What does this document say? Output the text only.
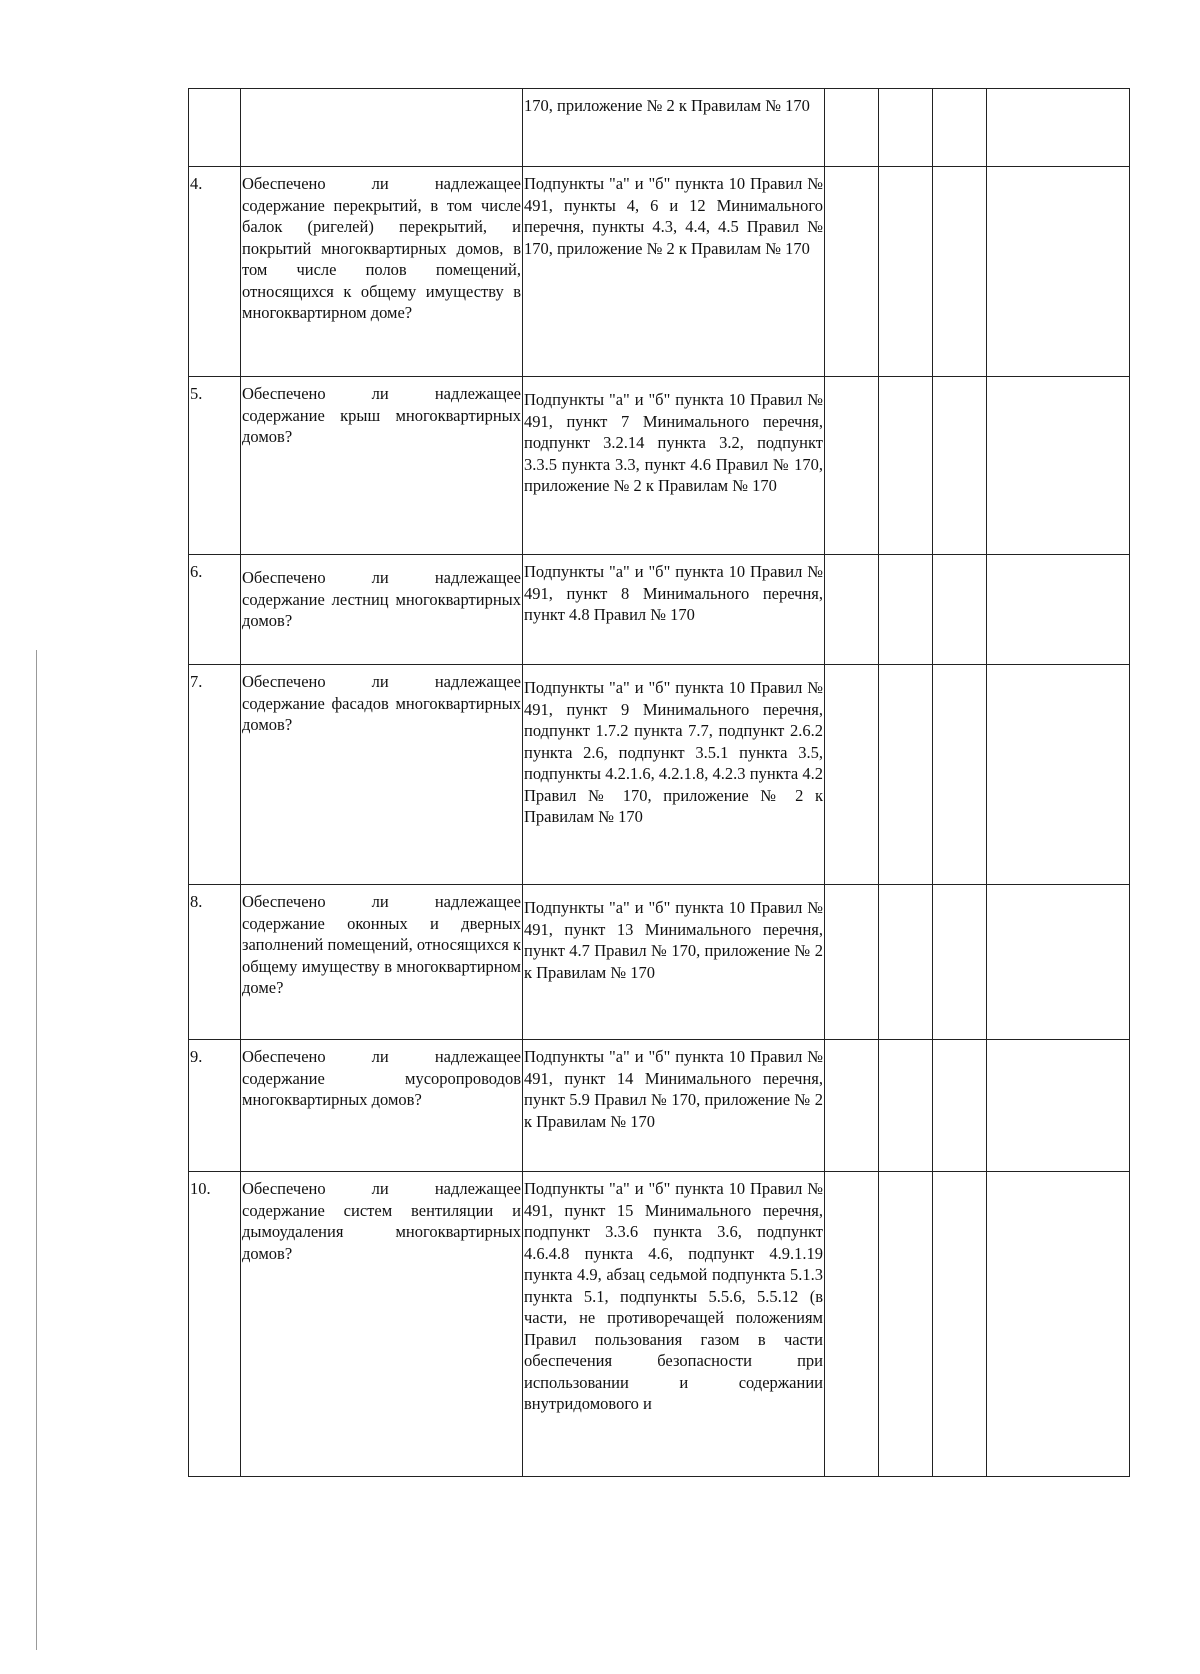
		170, приложение № 2 к Правилам № 170				
4.	Обеспечено ли надлежащее содержание перекрытий, в том числе балок (ригелей) перекрытий, и покрытий многоквартирных домов, в том числе полов помещений, относящихся к общему имуществу в многоквартирном доме?	Подпункты "а" и "б" пункта 10 Правил № 491, пункты 4, 6 и 12 Минимального перечня, пункты 4.3, 4.4, 4.5 Правил № 170, приложение № 2 к Правилам № 170				
5.	Обеспечено ли надлежащее содержание крыш многоквартирных домов?	Подпункты "а" и "б" пункта 10 Правил № 491, пункт 7 Минимального перечня, подпункт 3.2.14 пункта 3.2, подпункт 3.3.5 пункта 3.3, пункт 4.6 Правил № 170, приложение № 2 к Правилам № 170				
6.	Обеспечено ли надлежащее содержание лестниц многоквартирных домов?	Подпункты "а" и "б" пункта 10 Правил № 491, пункт 8 Минимального перечня, пункт 4.8 Правил № 170				
7.	Обеспечено ли надлежащее содержание фасадов многоквартирных домов?	Подпункты "а" и "б" пункта 10 Правил № 491, пункт 9 Минимального перечня, подпункт 1.7.2 пункта 7.7, подпункт 2.6.2 пункта 2.6, подпункт 3.5.1 пункта 3.5, подпункты 4.2.1.6, 4.2.1.8, 4.2.3 пункта 4.2 Правил № 170, приложение № 2 к Правилам № 170				
8.	Обеспечено ли надлежащее содержание оконных и дверных заполнений помещений, относящихся к общему имуществу в многоквартирном доме?	Подпункты "а" и "б" пункта 10 Правил № 491, пункт 13 Минимального перечня, пункт 4.7 Правил № 170, приложение № 2 к Правилам № 170				
9.	Обеспечено ли надлежащее содержание мусоропроводов многоквартирных домов?	Подпункты "а" и "б" пункта 10 Правил № 491, пункт 14 Минимального перечня, пункт 5.9 Правил № 170, приложение № 2 к Правилам № 170				
10.	Обеспечено ли надлежащее содержание систем вентиляции и дымоудаления многоквартирных домов?	Подпункты "а" и "б" пункта 10 Правил № 491, пункт 15 Минимального перечня, подпункт 3.3.6 пункта 3.6, подпункт 4.6.4.8 пункта 4.6, подпункт 4.9.1.19 пункта 4.9, абзац седьмой подпункта 5.1.3 пункта 5.1, подпункты 5.5.6, 5.5.12 (в части, не противоречащей положениям Правил пользования газом в части обеспечения безопасности при использовании и содержании внутридомового и				
